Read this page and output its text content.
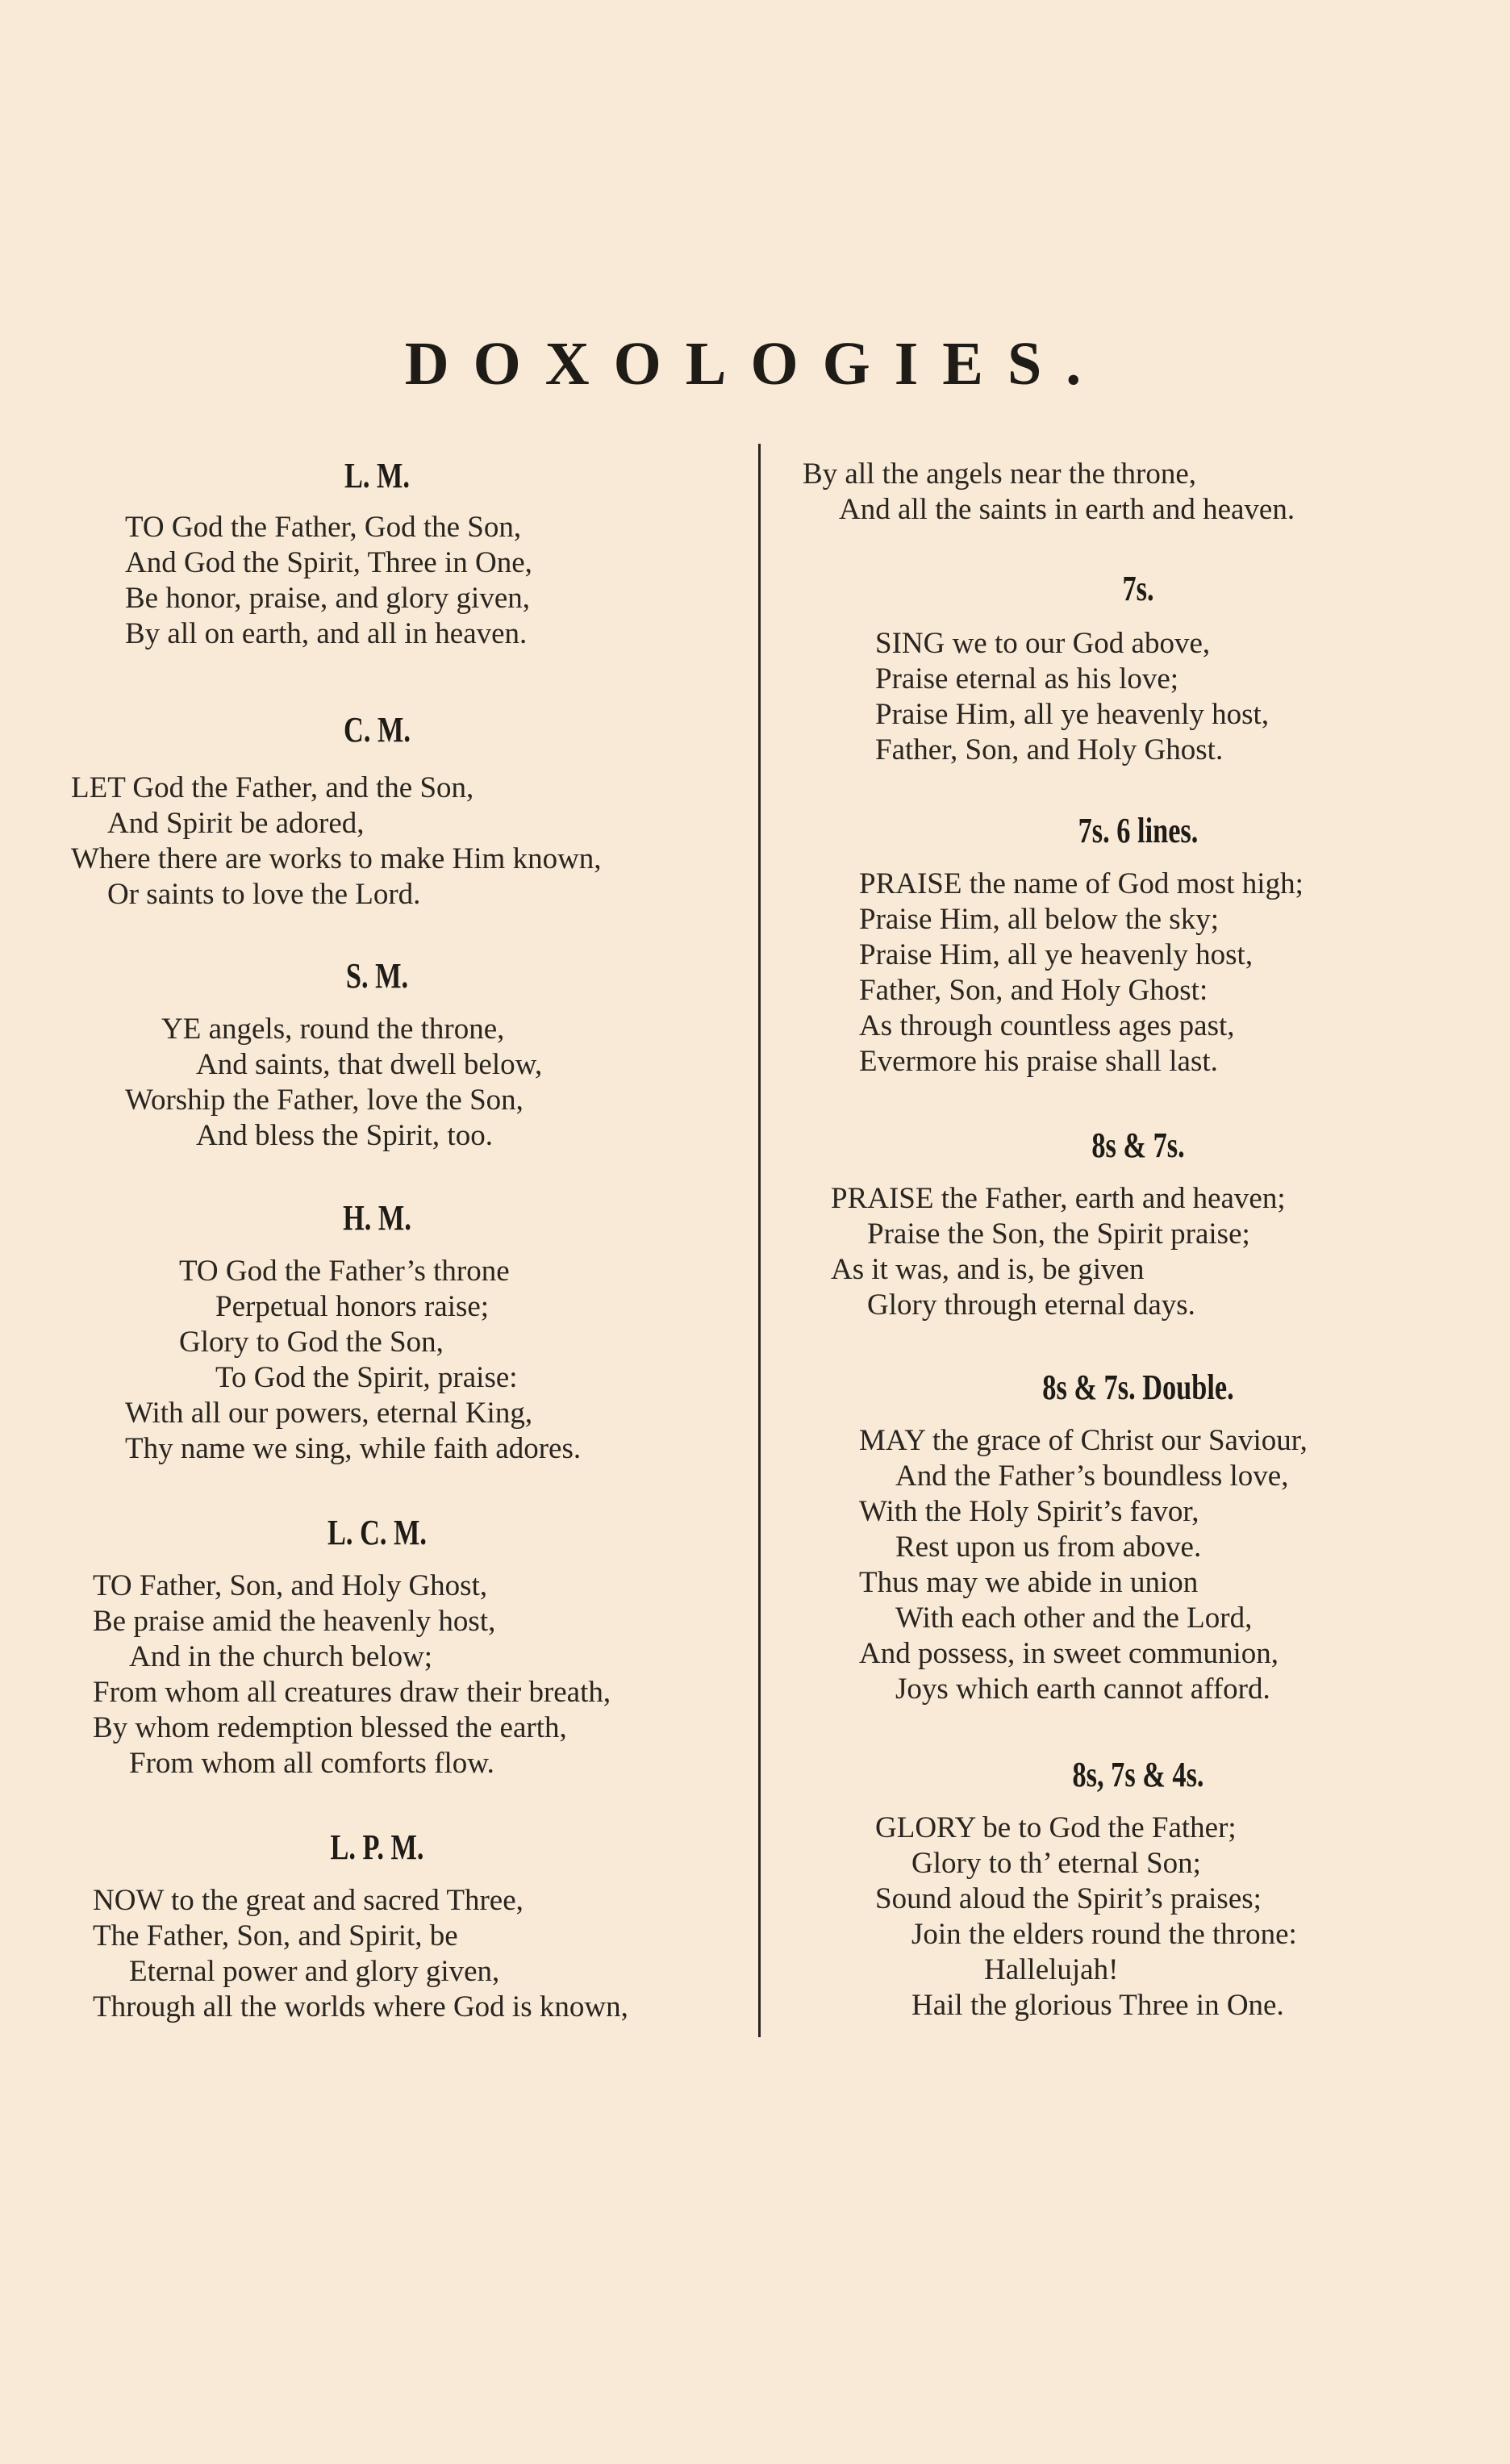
DOXOLOGIES.
L. M.
TO God the Father, God the Son,
And God the Spirit, Three in One,
Be honor, praise, and glory given,
By all on earth, and all in heaven.
C. M.
LET God the Father, and the Son,
And Spirit be adored,
Where there are works to make Him known,
Or saints to love the Lord.
S. M.
YE angels, round the throne,
And saints, that dwell below,
Worship the Father, love the Son,
And bless the Spirit, too.
H. M.
TO God the Father’s throne
Perpetual honors raise;
Glory to God the Son,
To God the Spirit, praise:
With all our powers, eternal King,
Thy name we sing, while faith adores.
L. C. M.
TO Father, Son, and Holy Ghost,
Be praise amid the heavenly host,
And in the church below;
From whom all creatures draw their breath,
By whom redemption blessed the earth,
From whom all comforts flow.
L. P. M.
NOW to the great and sacred Three,
The Father, Son, and Spirit, be
Eternal power and glory given,
Through all the worlds where God is known,
By all the angels near the throne,
And all the saints in earth and heaven.
7s.
SING we to our God above,
Praise eternal as his love;
Praise Him, all ye heavenly host,
Father, Son, and Holy Ghost.
7s. 6 lines.
PRAISE the name of God most high;
Praise Him, all below the sky;
Praise Him, all ye heavenly host,
Father, Son, and Holy Ghost:
As through countless ages past,
Evermore his praise shall last.
8s & 7s.
PRAISE the Father, earth and heaven;
Praise the Son, the Spirit praise;
As it was, and is, be given
Glory through eternal days.
8s & 7s. Double.
MAY the grace of Christ our Saviour,
And the Father’s boundless love,
With the Holy Spirit’s favor,
Rest upon us from above.
Thus may we abide in union
With each other and the Lord,
And possess, in sweet communion,
Joys which earth cannot afford.
8s, 7s & 4s.
GLORY be to God the Father;
Glory to th’ eternal Son;
Sound aloud the Spirit’s praises;
Join the elders round the throne:
Hallelujah!
Hail the glorious Three in One.
